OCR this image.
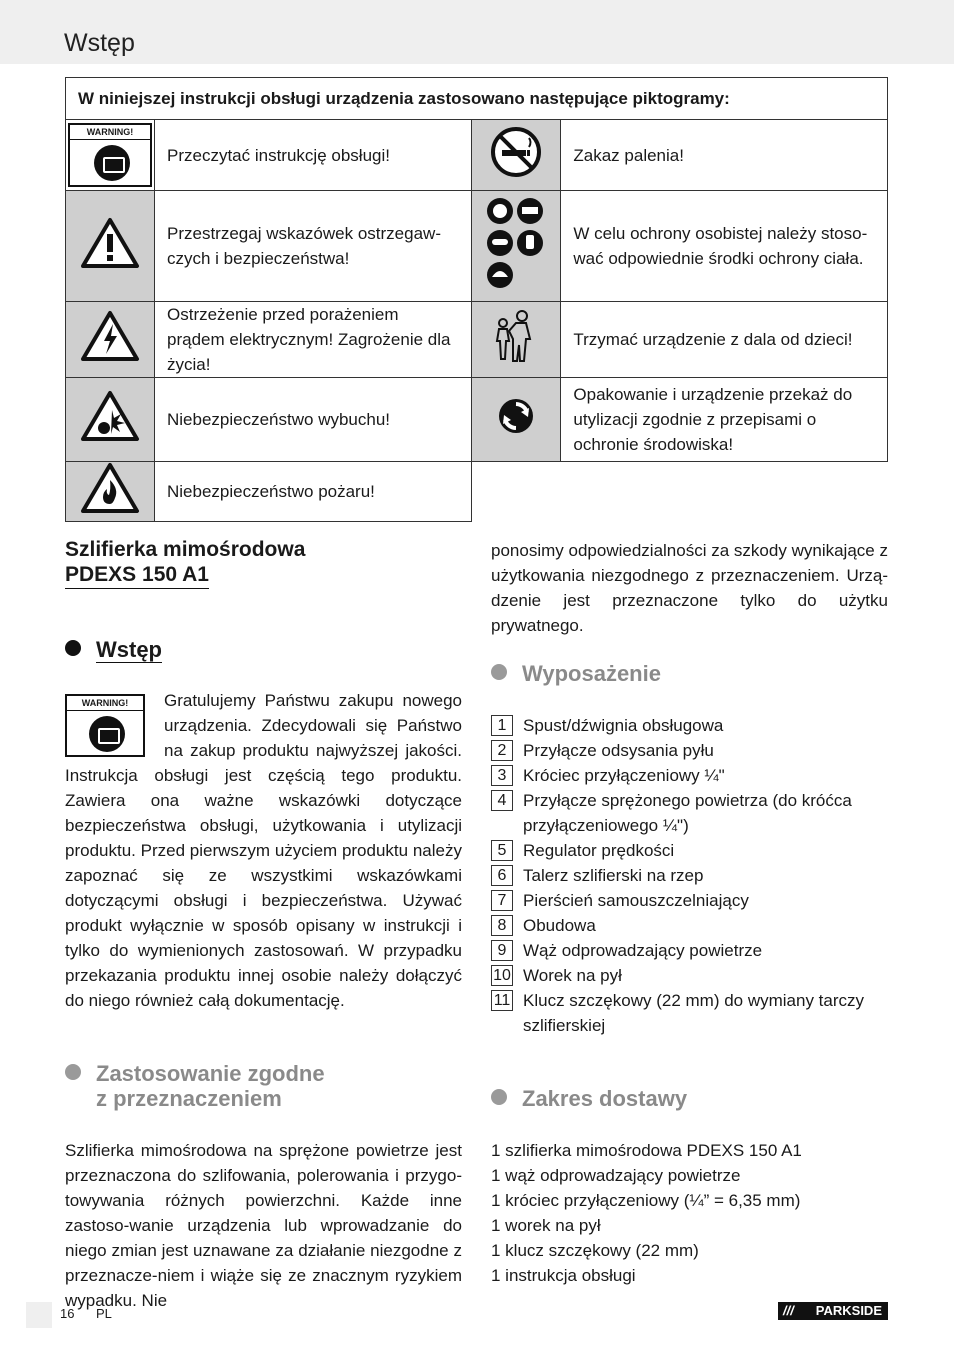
Wstęp
W niniejszej instrukcji obsługi urządzenia zastosowano następujące piktogramy:			

WARNING!	Przeczytać instrukcję obsługi!		Zakaz palenia!
	Przestrzegaj wskazówek ostrzegaw-czych i bezpieczeństwa!		W celu ochrony osobistej należy stoso-wać odpowiednie środki ochrony ciała.
	Ostrzeżenie przed porażeniem prądem elektrycznym! Zagrożenie dla życia!		Trzymać urządzenie z dala od dzieci!
	Niebezpieczeństwo wybuchu!		Opakowanie i urządzenie przekaż do utylizacji zgodnie z przepisami o ochronie środowiska!
	Niebezpieczeństwo pożaru!		
Szlifierka mimośrodowa
PDEXS 150 A1
Wstęp
WARNING!	Gratulujemy Państwu zakupu nowego urządzenia. Zdecydowali się Państwo na zakup produktu najwyższej jakości. Instrukcja obsługi jest częścią tego produktu. Zawiera ona ważne wskazówki dotyczące bezpieczeństwa obsługi, użytkowania i utylizacji produktu. Przed pierwszym użyciem produktu należy zapoznać się ze wszystkimi wskazówkami dotyczącymi obsługi i bezpieczeństwa. Używać produkt wyłącznie w sposób opisany w instrukcji i tylko do wymienionych zastosowań. W przypadku przekazania produktu innej osobie należy dołączyć do niego również całą dokumentację.
Zastosowanie zgodne
z przeznaczeniem
Szlifierka mimośrodowa na sprężone powietrze jest przeznaczona do szlifowania, polerowania i przygo-towywania różnych powierzchni. Każde inne zastoso-wanie urządzenia lub wprowadzanie do niego zmian jest uznawane za działanie niezgodne z przeznacze-niem i wiąże się ze znacznym ryzykiem wypadku. Nie
ponosimy odpowiedzialności za szkody wynikające z użytkowania niezgodnego z przeznaczeniem. Urzą-dzenie jest przeznaczone tylko do użytku prywatnego.
Wyposażenie
1 Spust/dźwignia obsługowa
2 Przyłącze odsysania pyłu
3 Króciec przyłączeniowy ¼"
4 Przyłącze sprężonego powietrza (do króćca przyłączeniowego ¼")
5 Regulator prędkości
6 Talerz szlifierski na rzep
7 Pierścień samouszczelniający
8 Obudowa
9 Wąż odprowadzający powietrze
10 Worek na pył
11 Klucz szczękowy (22 mm) do wymiany tarczy szlifierskiej
Zakres dostawy
1 szlifierka mimośrodowa PDEXS 150 A1
1 wąż odprowadzający powietrze
1 króciec przyłączeniowy (¼” = 6,35 mm)
1 worek na pył
1 klucz szczękowy (22 mm)
1 instrukcja obsługi
16 PL	/// PARKSIDE
